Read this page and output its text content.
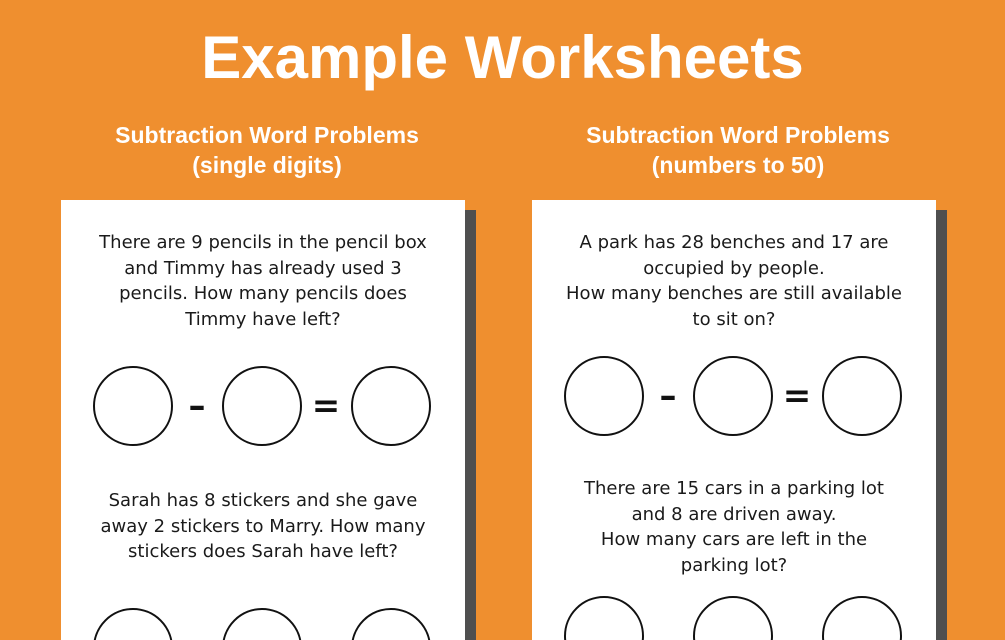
Example Worksheets
Subtraction Word Problems
(single digits)
There are 9 pencils in the pencil box
and Timmy has already used 3
pencils. How many pencils does
Timmy have left?
–	=
Sarah has 8 stickers and she gave
away 2 stickers to Marry. How many
stickers does Sarah have left?
Subtraction Word Problems
(numbers to 50)
A park has 28 benches and 17 are
occupied by people.
How many benches are still available
to sit on?
–	=
There are 15 cars in a parking lot
and 8 are driven away.
How many cars are left in the
parking lot?
